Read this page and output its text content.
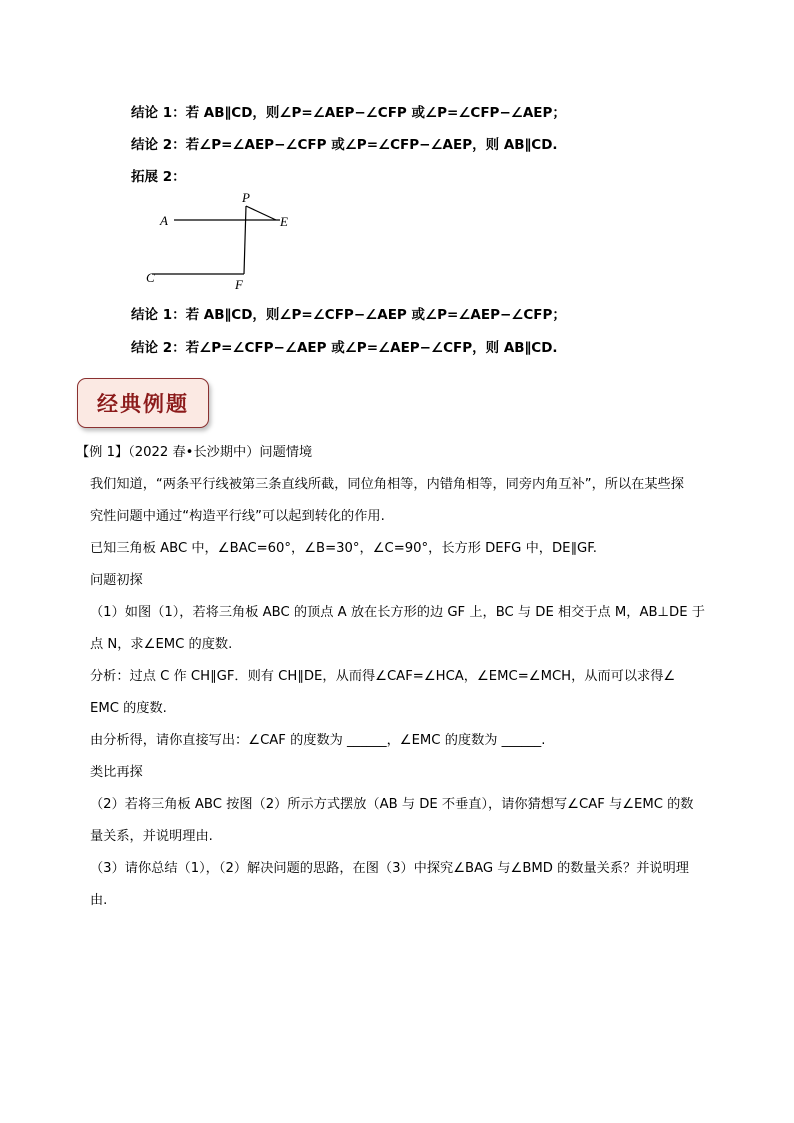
结论 1：若 AB∥CD，则∠P=∠AEP−∠CFP 或∠P=∠CFP−∠AEP；
结论 2：若∠P=∠AEP−∠CFP 或∠P=∠CFP−∠AEP，则 AB∥CD.
拓展 2：
A
P
E
C	F
结论 1：若 AB∥CD，则∠P=∠CFP−∠AEP 或∠P=∠AEP−∠CFP；
结论 2：若∠P=∠CFP−∠AEP 或∠P=∠AEP−∠CFP，则 AB∥CD.
经典例题
【例 1】（2022 春•长沙期中）问题情境
我们知道，“两条平行线被第三条直线所截，同位角相等，内错角相等，同旁内角互补”，所以在某些探
究性问题中通过“构造平行线”可以起到转化的作用.
已知三角板 ABC 中，∠BAC=60°，∠B=30°，∠C=90°，长方形 DEFG 中，DE∥GF.
问题初探
（1）如图（1），若将三角板 ABC 的顶点 A 放在长方形的边 GF 上，BC 与 DE 相交于点 M，AB⊥DE 于
点 N，求∠EMC 的度数.
分析：过点 C 作 CH∥GF．则有 CH∥DE，从而得∠CAF=∠HCA，∠EMC=∠MCH，从而可以求得∠
EMC 的度数.
由分析得，请你直接写出：∠CAF 的度数为 ______，∠EMC 的度数为 ______.
类比再探
（2）若将三角板 ABC 按图（2）所示方式摆放（AB 与 DE 不垂直），请你猜想写∠CAF 与∠EMC 的数
量关系，并说明理由.
（3）请你总结（1），（2）解决问题的思路，在图（3）中探究∠BAG 与∠BMD 的数量关系？并说明理
由.
